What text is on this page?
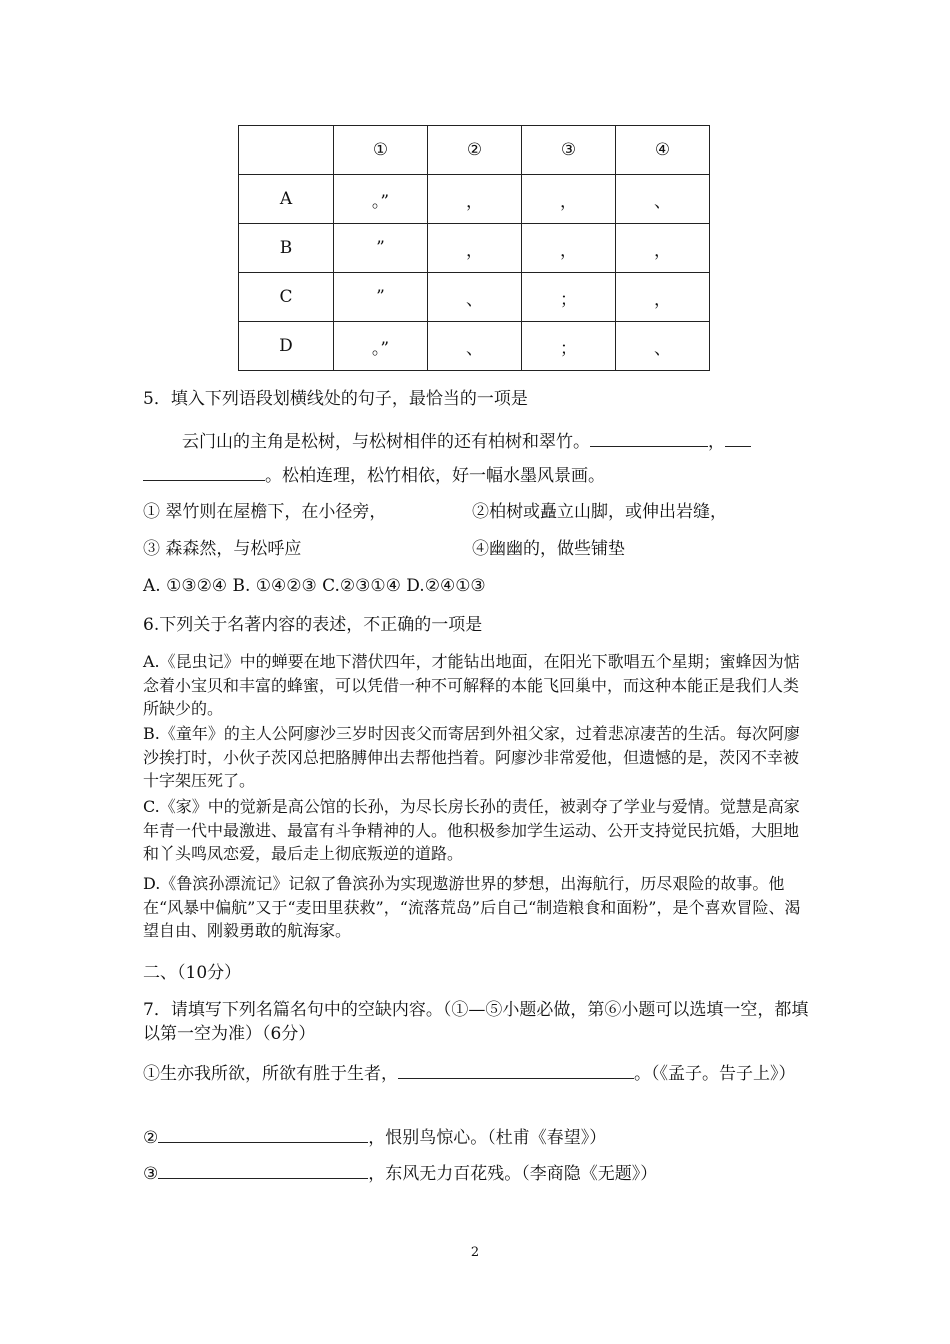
	①	②	③	④
A	。”	，	，	、
B	”	，	，	，
C	”	、	；	，
D	。”	、	；	、
5．填入下列语段划横线处的句子，最恰当的一项是
云门山的主角是松树，与松树相伴的还有柏树和翠竹。	，
。松柏连理，松竹相依，好一幅水墨风景画。
① 翠竹则在屋檐下，在小径旁，	②柏树或矗立山脚，或伸出岩缝，
③ 森森然，与松呼应	④幽幽的，做些铺垫
A. ①③②④ B. ①④②③ C.②③①④ D.②④①③
6.下列关于名著内容的表述，不正确的一项是
A.《昆虫记》中的蝉要在地下潜伏四年，才能钻出地面，在阳光下歌唱五个星期；蜜蜂因为惦念着小宝贝和丰富的蜂蜜，可以凭借一种不可解释的本能飞回巢中，而这种本能正是我们人类所缺少的。
B.《童年》的主人公阿廖沙三岁时因丧父而寄居到外祖父家，过着悲凉凄苦的生活。每次阿廖沙挨打时，小伙子茨冈总把胳膊伸出去帮他挡着。阿廖沙非常爱他，但遗憾的是，茨冈不幸被十字架压死了。
C.《家》中的觉新是高公馆的长孙，为尽长房长孙的责任，被剥夺了学业与爱情。觉慧是高家年青一代中最激进、最富有斗争精神的人。他积极参加学生运动、公开支持觉民抗婚，大胆地和丫头鸣凤恋爱，最后走上彻底叛逆的道路。
D.《鲁滨孙漂流记》记叙了鲁滨孙为实现遨游世界的梦想，出海航行，历尽艰险的故事。他在“风暴中偏航”又于“麦田里获救”，“流落荒岛”后自己“制造粮食和面粉”，是个喜欢冒险、渴望自由、刚毅勇敢的航海家。
二、（10分）
7．请填写下列名篇名句中的空缺内容。（①—⑤小题必做，第⑥小题可以选填一空，都填以第一空为准）（6分）
①生亦我所欲，所欲有胜于生者，	。（《孟子。告子上》）
②	，恨别鸟惊心。（杜甫《春望》）
③	，东风无力百花残。（李商隐《无题》）
2
